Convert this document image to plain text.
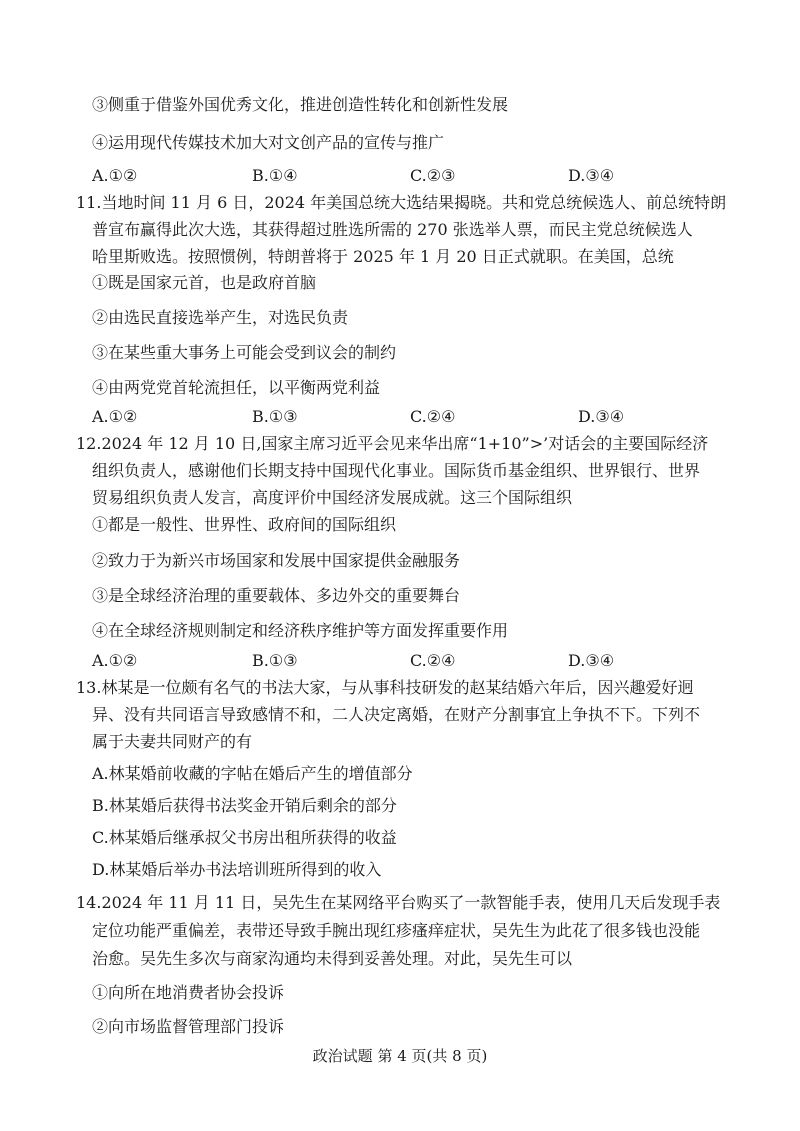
③侧重于借鉴外国优秀文化，推进创造性转化和创新性发展
④运用现代传媒技术加大对文创产品的宣传与推广
A.①②	B.①④	C.②③	D.③④
11.当地时间 11 月 6 日，2024 年美国总统大选结果揭晓。共和党总统候选人、前总统特朗
普宣布赢得此次大选，其获得超过胜选所需的 270 张选举人票，而民主党总统候选人
哈里斯败选。按照惯例，特朗普将于 2025 年 1 月 20 日正式就职。在美国，总统
①既是国家元首，也是政府首脑
②由选民直接选举产生，对选民负责
③在某些重大事务上可能会受到议会的制约
④由两党党首轮流担任，以平衡两党利益
A.①②	B.①③	C.②④	D.③④
12.2024 年 12 月 10 日,国家主席习近平会见来华出席“1+10”>’对话会的主要国际经济
组织负责人，感谢他们长期支持中国现代化事业。国际货币基金组织、世界银行、世界
贸易组织负责人发言，高度评价中国经济发展成就。这三个国际组织
①都是一般性、世界性、政府间的国际组织
②致力于为新兴市场国家和发展中国家提供金融服务
③是全球经济治理的重要载体、多边外交的重要舞台
④在全球经济规则制定和经济秩序维护等方面发挥重要作用
A.①②	B.①③	C.②④	D.③④
13.林某是一位颇有名气的书法大家，与从事科技研发的赵某结婚六年后，因兴趣爱好迥
异、没有共同语言导致感情不和，二人决定离婚，在财产分割事宜上争执不下。下列不
属于夫妻共同财产的有
A.林某婚前收藏的字帖在婚后产生的增值部分
B.林某婚后获得书法奖金开销后剩余的部分
C.林某婚后继承叔父书房出租所获得的收益
D.林某婚后举办书法培训班所得到的收入
14.2024 年 11 月 11 日，吴先生在某网络平台购买了一款智能手表，使用几天后发现手表
定位功能严重偏差，表带还导致手腕出现红疹瘙痒症状，吴先生为此花了很多钱也没能
治愈。吴先生多次与商家沟通均未得到妥善处理。对此，吴先生可以
①向所在地消费者协会投诉
②向市场监督管理部门投诉
政治试题 第 4 页(共 8 页)
